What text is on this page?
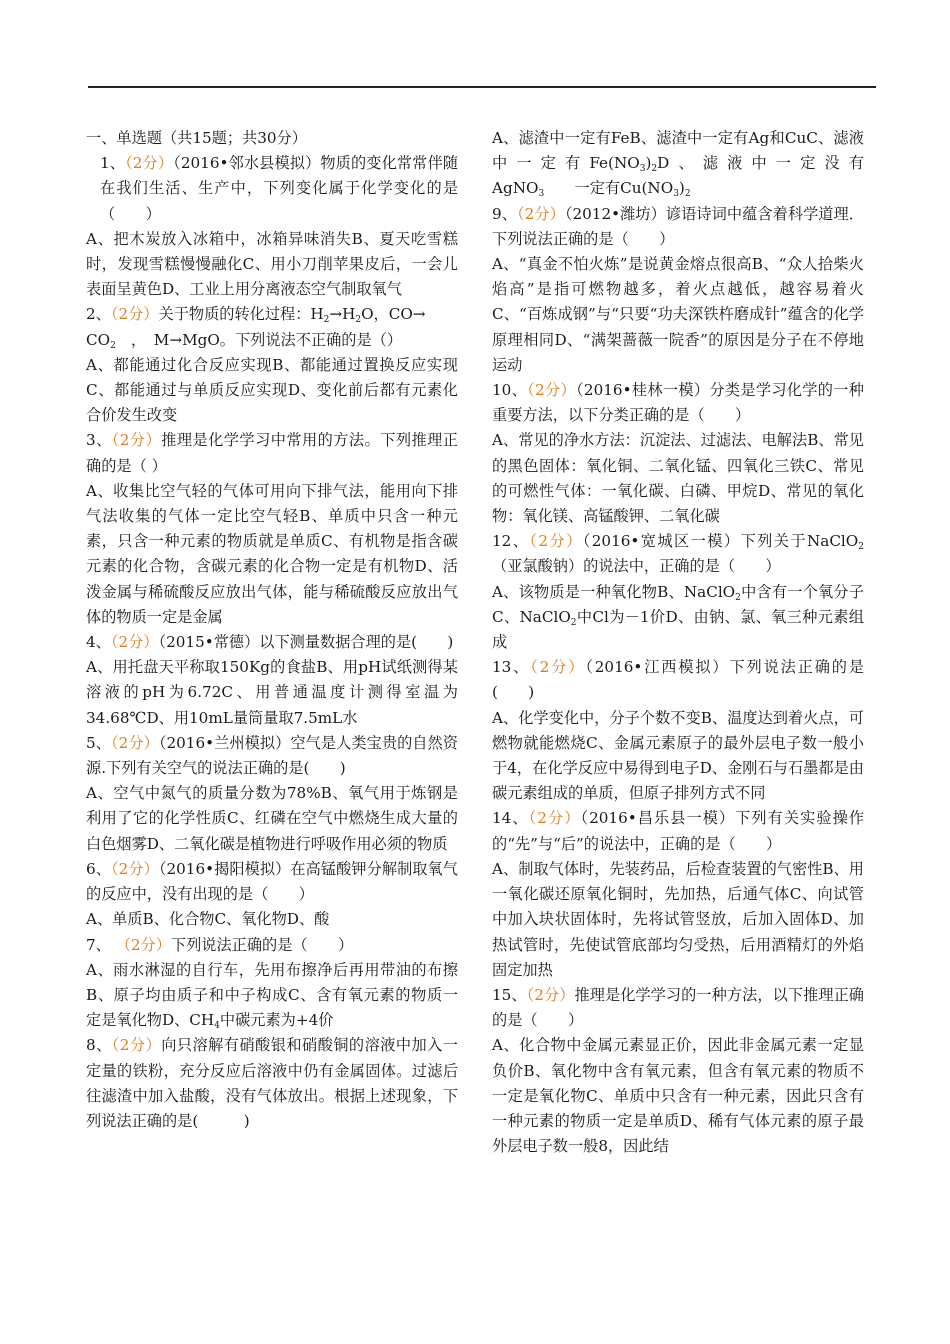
一、单选题（共15题；共30分）

1、（2分）（2016•邻水县模拟）物质的变化常常伴随在我们生活、生产中，下列变化属于化学变化的是（　　）

A、把木炭放入冰箱中，冰箱异味消失B、夏天吃雪糕时，发现雪糕慢慢融化C、用小刀削苹果皮后，一会儿表面呈黄色D、工业上用分离液态空气制取氧气

2、（2分）关于物质的转化过程：$H_2\to H_2O$，CO→
$CO_2$　，　M→MgO。下列说法不正确的是（）

A、都能通过化合反应实现B、都能通过置换反应实现C、都能通过与单质反应实现D、变化前后都有元素化合价发生改变

3、（2分）推理是化学学习中常用的方法。下列推理正确的是（ ）

A、收集比空气轻的气体可用向下排气法，能用向下排气法收集的气体一定比空气轻B、单质中只含一种元素，只含一种元素的物质就是单质C、有机物是指含碳元素的化合物，含碳元素的化合物一定是有机物D、活泼金属与稀硫酸反应放出气体，能与稀硫酸反应放出气体的物质一定是金属

4、（2分）（2015•常德）以下测量数据合理的是(　　)

A、用托盘天平称取150Kg的食盐B、用pH试纸测得某溶液的pH为6.72C、用普通温度计测得室温为34.68℃D、用10mL量筒量取7.5mL水

5、（2分）（2016•兰州模拟）空气是人类宝贵的自然资源.下列有关空气的说法正确的是(　　)

A、空气中氮气的质量分数为78%B、氧气用于炼钢是利用了它的化学性质C、红磷在空气中燃烧生成大量的白色烟雾D、二氧化碳是植物进行呼吸作用必须的物质

6、（2分）（2016•揭阳模拟）在高锰酸钾分解制取氧气的反应中，没有出现的是（　　）

A、单质B、化合物C、氧化物D、酸

7、 （2分）下列说法正确的是（　　）

A、雨水淋湿的自行车，先用布擦净后再用带油的布擦B、原子均由质子和中子构成C、含有氧元素的物质一定是氧化物D、$CH_4$中碳元素为+4价

8、（2分）向只溶解有硝酸银和硝酸铜的溶液中加入一定量的铁粉，充分反应后溶液中仍有金属固体。过滤后往滤渣中加入盐酸，没有气体放出。根据上述现象，下列说法正确的是(　　　)

A、滤渣中一定有FeB、滤渣中一定有Ag和CuC、滤液中一定有$Fe(NO_3)_2D$、滤液中一定没有AgNO$_3$　　一定有$Cu(NO_3)_2$

9、（2分）（2012•潍坊）谚语诗词中蕴含着科学道理．下列说法正确的是（　　）

A、“真金不怕火炼”是说黄金熔点很高B、“众人拾柴火焰高”是指可燃物越多，着火点越低，越容易着火C、“百炼成钢”与“只要“功夫深铁杵磨成针”蕴含的化学原理相同D、“满架蔷薇一院香”的原因是分子在不停地运动

10、（2分）（2016•桂林一模）分类是学习化学的一种重要方法，以下分类正确的是（　　）

A、常见的净水方法：沉淀法、过滤法、电解法B、常见的黑色固体：氧化铜、二氧化锰、四氧化三铁C、常见的可燃性气体：一氧化碳、白磷、甲烷D、常见的氧化物：氧化镁、高锰酸钾、二氧化碳

12、（2分）（2016•宽城区一模）下列关于NaClO$_2$（亚氯酸钠）的说法中，正确的是（　　）

A、该物质是一种氧化物B、NaClO$_2$中含有一个氧分子C、NaClO$_2$中Cl为－1价D、由钠、氯、氧三种元素组成

13、（2分）（2016•江西模拟）下列说法正确的是(　　)

A、化学变化中，分子个数不变B、温度达到着火点，可燃物就能燃烧C、金属元素原子的最外层电子数一般小于4，在化学反应中易得到电子D、金刚石与石墨都是由碳元素组成的单质，但原子排列方式不同

14、（2分）（2016•昌乐县一模）下列有关实验操作的“先”与“后”的说法中，正确的是（　　）

A、制取气体时，先装药品，后检查装置的气密性B、用一氧化碳还原氧化铜时，先加热，后通气体C、向试管中加入块状固体时，先将试管竖放，后加入固体D、加热试管时，先使试管底部均匀受热，后用酒精灯的外焰固定加热

15、（2分）推理是化学学习的一种方法，以下推理正确的是（　　）

A、化合物中金属元素显正价，因此非金属元素一定显负价B、氧化物中含有氧元素，但含有氧元素的物质不一定是氧化物C、单质中只含有一种元素，因此只含有一种元素的物质一定是单质D、稀有气体元素的原子最外层电子数一般8，因此结
